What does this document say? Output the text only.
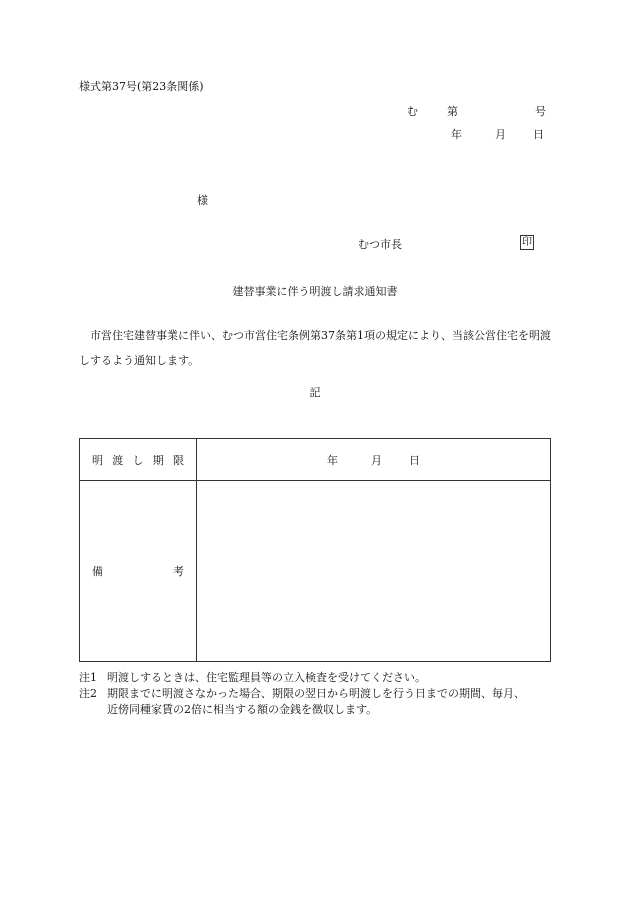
様式第37号(第23条関係)
む	第	号
年	月 日
様
むつ市長	印
建替事業に伴う明渡し請求通知書
市営住宅建替事業に伴い、むつ市営住宅条例第37条第1項の規定により、当該公営住宅を明渡しするよう通知します。
記
明 渡 し 期 限	年 月 日

備 考	

注1 明渡しするときは、住宅監理員等の立入検査を受けてください。
注2 期限までに明渡さなかった場合、期限の翌日から明渡しを行う日までの期間、毎月、
近傍同種家賃の2倍に相当する額の金銭を徴収します。
